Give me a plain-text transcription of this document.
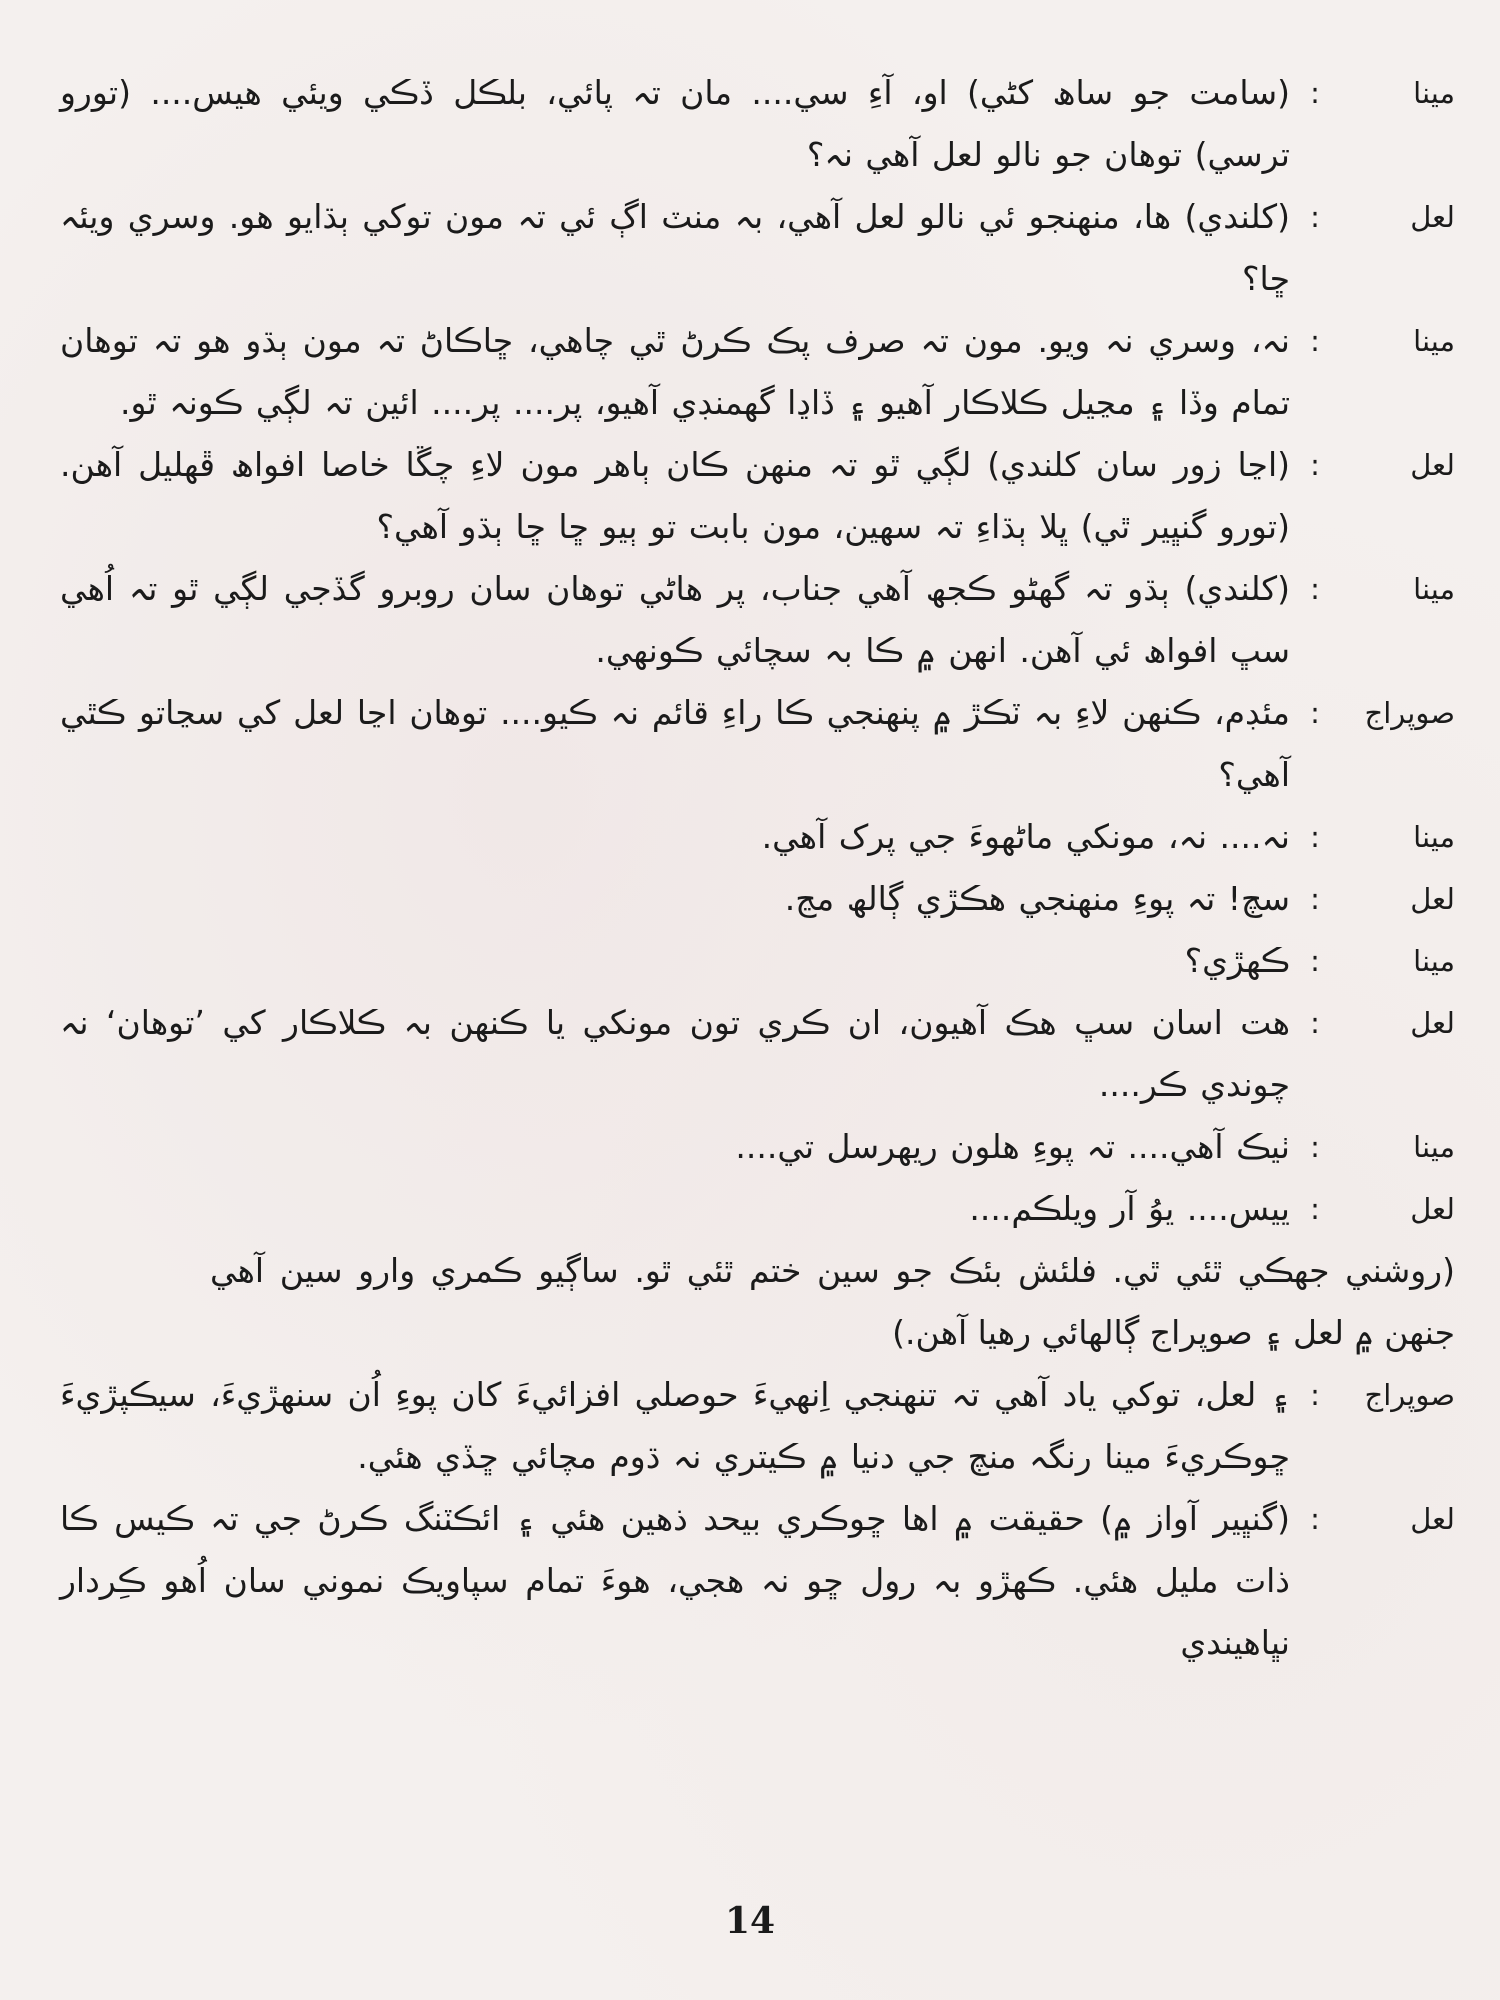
مينا
:
(سامت جو ساھ کڻي) او، آءِ سي.... مان تہ پائي، بلڪل ڏڪي ويئي هيس.... (تورو ترسي) توهان جو نالو لعل آهي نہ؟
لعل
:
(کلندي) ها، منهنجو ئي نالو لعل آهي، بہ منٽ اڳ ئي تہ مون توکي ٻڌايو هو. وسري ويئہ ڇا؟
مينا
:
نہ، وسري نہ ويو. مون تہ صرف پڪ ڪرڻ ٿي چاهي، ڇاڪاڻ تہ مون ٻڌو هو تہ توهان تمام وڏا ۽ مڃيل ڪلاڪار آهيو ۽ ڏاڍا گھمنڊي آهيو، پر.... پر.... ائين تہ لڳي ڪونہ ٿو.
لعل
:
(اڃا زور سان کلندي) لڳي ٿو تہ منهن ڪان ٻاهر مون لاءِ چڱا خاصا افواھ ڦھليل آهن. (تورو گنڀير ٿي) ڀلا ٻڌاءِ تہ سهين، مون بابت تو ٻيو ڇا ڇا ٻڌو آهي؟
مينا
:
(کلندي) ٻڌو تہ گھڻو ڪجھ آهي جناب، پر هاڻي توهان سان روبرو گڏجي لڳي ٿو تہ اُهي سڀ افواھ ئي آهن. انهن ۾ ڪا بہ سچائي ڪونهي.
صوپراج
:
مئڊم، ڪنهن لاءِ بہ ٽڪڙ ۾ پنهنجي ڪا راءِ قائم نہ ڪيو.... توهان اڃا لعل کي سڃاتو ڪٿي آهي؟
مينا
:
نہ.... نہ، مونکي ماڻهوءَ جي پرک آهي.
لعل
:
سچ! تہ پوءِ منهنجي هڪڙي ڳالھ مڃ.
مينا
:
ڪهڙي؟
لعل
:
هت اسان سڀ هڪ آهيون، ان ڪري تون مونکي يا ڪنهن بہ ڪلاڪار کي ’توهان‘ نہ چوندي ڪر....
مينا
:
ٺيڪ آهي.... تہ پوءِ هلون ريهرسل تي....
لعل
:
ييس.... يوُ آر ويلڪم....
(روشني جھڪي ٿئي ٿي. فلئش بئڪ جو سين ختم ٿئي ٿو. ساڳيو ڪمري وارو سين آهي جنهن ۾ لعل ۽ صوپراج ڳالهائي رهيا آهن.)
صوپراج
:
۽ لعل، توکي ياد آهي تہ تنهنجي اِنهيءَ حوصلي افزائيءَ کان پوءِ اُن سنهڙيءَ، سيڪپڙيءَ ڇوڪريءَ مينا رنگہ منچ جي دنيا ۾ ڪيتري نہ ڌوم مچائي ڇڏي هئي.
لعل
:
(گنڀير آواز ۾) حقيقت ۾ اها ڇوڪري بيحد ذهين هئي ۽ ائڪٽنگ ڪرڻ جي تہ ڪيس ڪا ذات مليل هئي. ڪهڙو بہ رول ڇو نہ هجي، هوءَ تمام سپاويڪ نموني سان اُهو ڪِردار نڀاهيندي
14
